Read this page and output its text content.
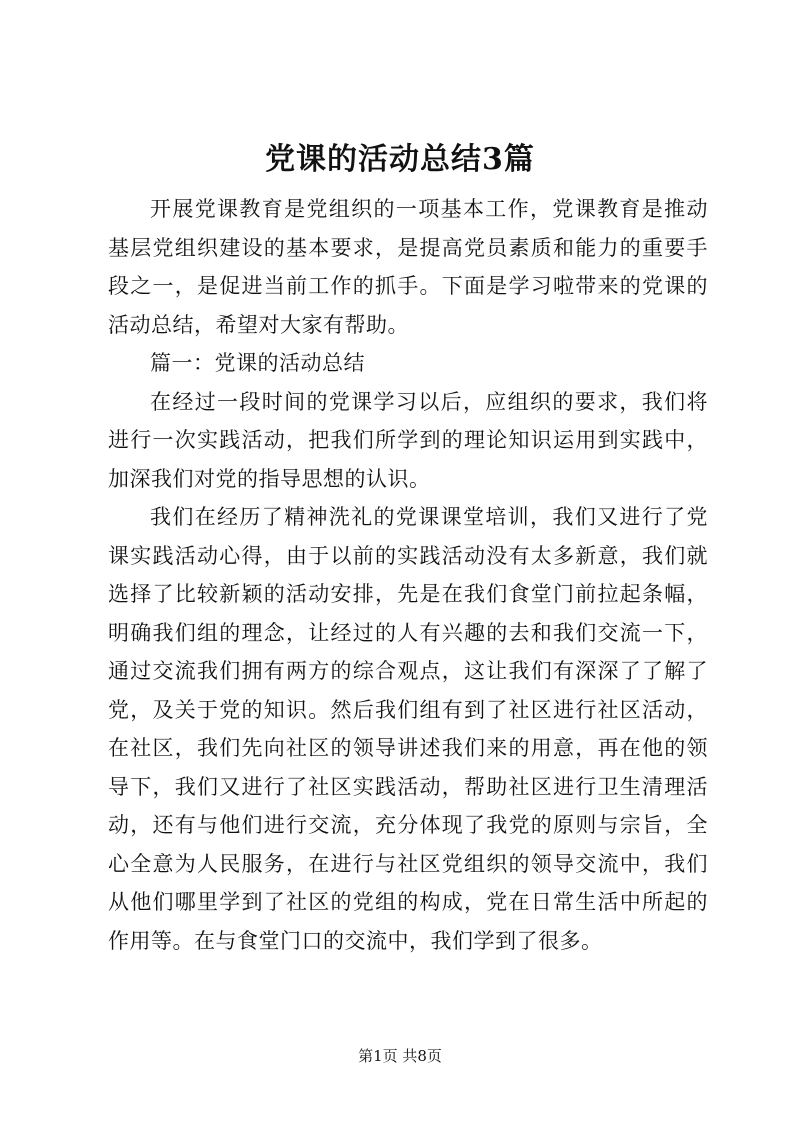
党课的活动总结3篇

开展党课教育是党组织的一项基本工作，党课教育是推动基层党组织建设的基本要求，是提高党员素质和能力的重要手段之一，是促进当前工作的抓手。下面是学习啦带来的党课的活动总结，希望对大家有帮助。

篇一：党课的活动总结

在经过一段时间的党课学习以后，应组织的要求，我们将进行一次实践活动，把我们所学到的理论知识运用到实践中，加深我们对党的指导思想的认识。

我们在经历了精神洗礼的党课课堂培训，我们又进行了党课实践活动心得，由于以前的实践活动没有太多新意，我们就选择了比较新颖的活动安排，先是在我们食堂门前拉起条幅，明确我们组的理念，让经过的人有兴趣的去和我们交流一下，通过交流我们拥有两方的综合观点，这让我们有深深了了解了党，及关于党的知识。然后我们组有到了社区进行社区活动，在社区，我们先向社区的领导讲述我们来的用意，再在他的领导下，我们又进行了社区实践活动，帮助社区进行卫生清理活动，还有与他们进行交流，充分体现了我党的原则与宗旨，全心全意为人民服务，在进行与社区党组织的领导交流中，我们从他们哪里学到了社区的党组的构成，党在日常生活中所起的作用等。在与食堂门口的交流中，我们学到了很多。

第1页 共8页
